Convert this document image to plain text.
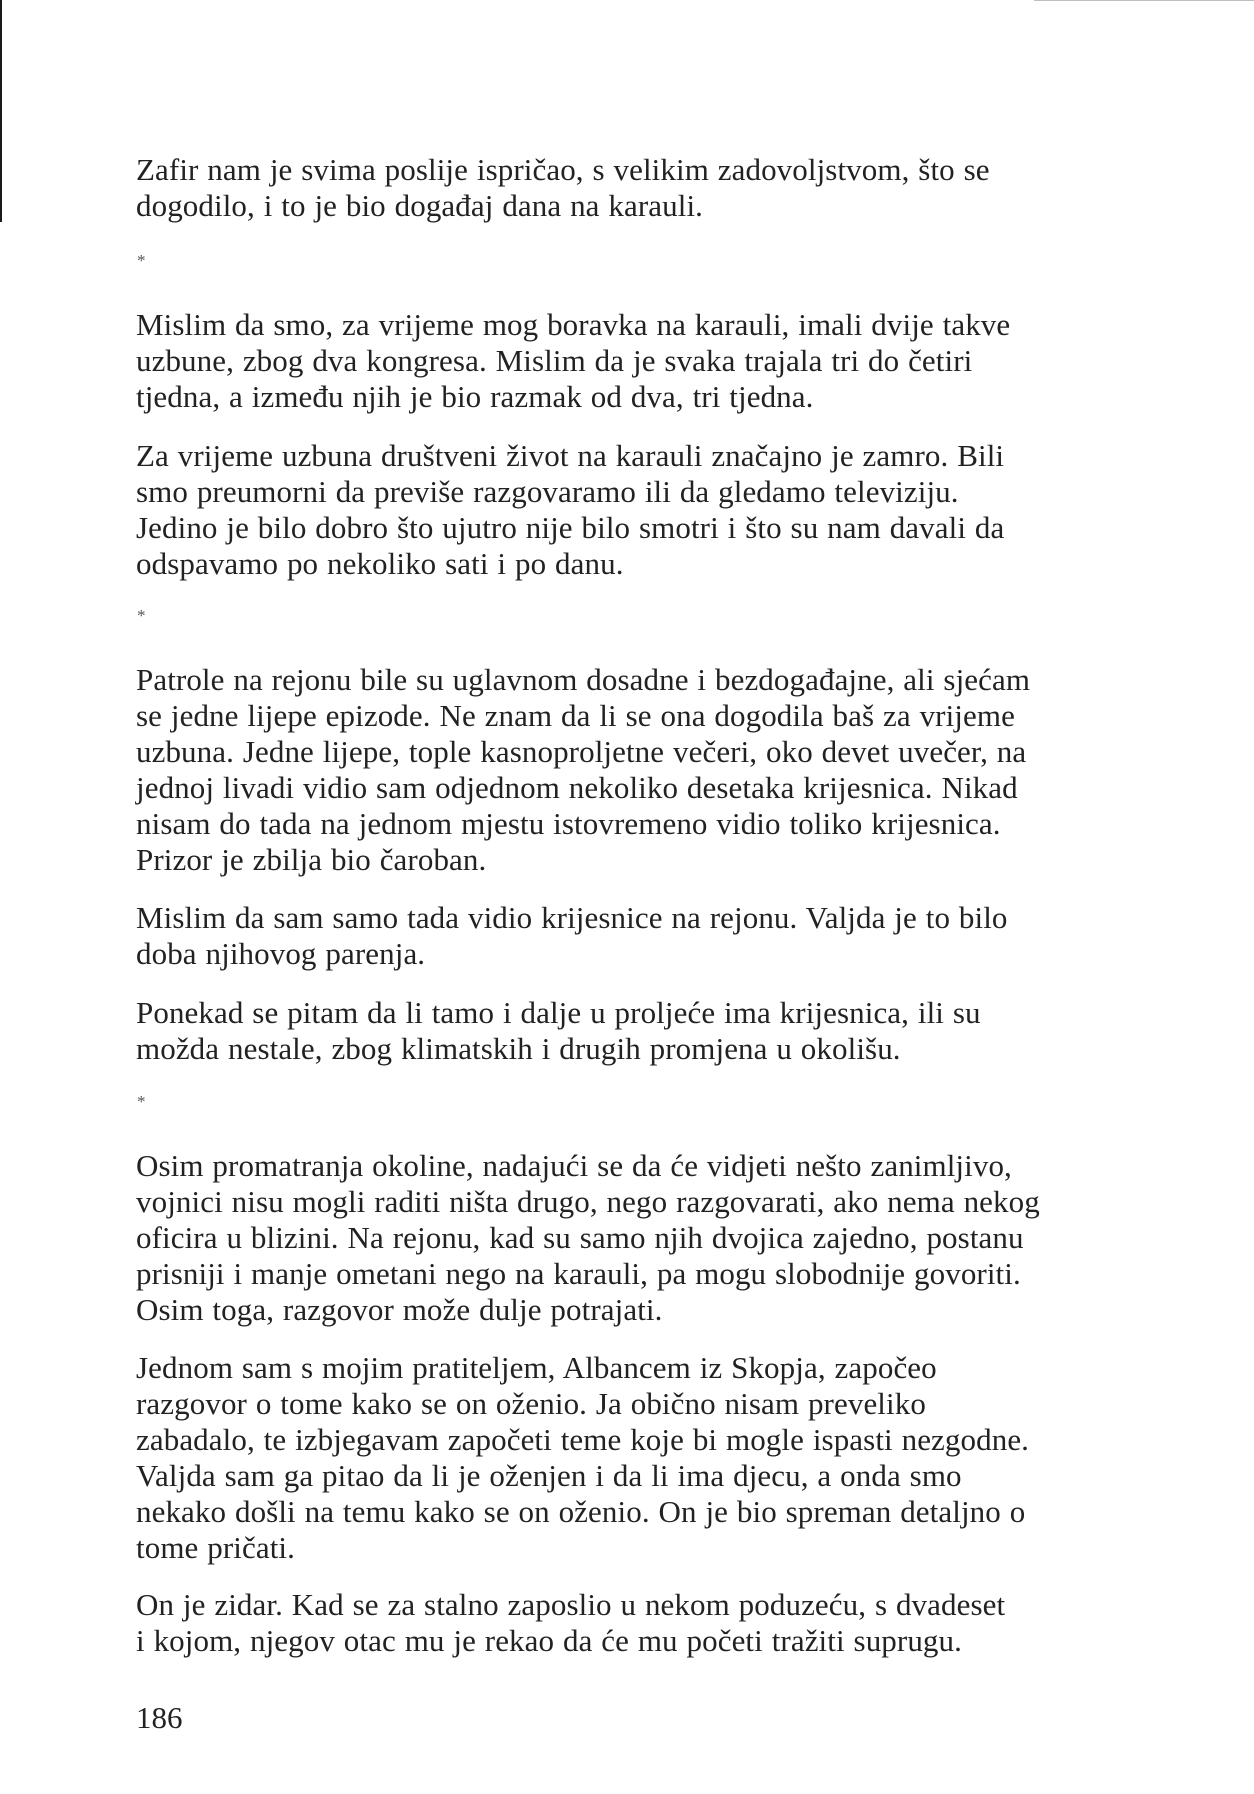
Zafir nam je svima poslije ispričao, s velikim zadovoljstvom, što se
dogodilo, i to je bio događaj dana na karauli.
*
Mislim da smo, za vrijeme mog boravka na karauli, imali dvije takve
uzbune, zbog dva kongresa. Mislim da je svaka trajala tri do četiri
tjedna, a između njih je bio razmak od dva, tri tjedna.
Za vrijeme uzbuna društveni život na karauli značajno je zamro. Bili
smo preumorni da previše razgovaramo ili da gledamo televiziju.
Jedino je bilo dobro što ujutro nije bilo smotri i što su nam davali da
odspavamo po nekoliko sati i po danu.
*
Patrole na rejonu bile su uglavnom dosadne i bezdogađajne, ali sjećam
se jedne lijepe epizode. Ne znam da li se ona dogodila baš za vrijeme
uzbuna. Jedne lijepe, tople kasnoproljetne večeri, oko devet uvečer, na
jednoj livadi vidio sam odjednom nekoliko desetaka krijesnica. Nikad
nisam do tada na jednom mjestu istovremeno vidio toliko krijesnica.
Prizor je zbilja bio čaroban.
Mislim da sam samo tada vidio krijesnice na rejonu. Valjda je to bilo
doba njihovog parenja.
Ponekad se pitam da li tamo i dalje u proljeće ima krijesnica, ili su
možda nestale, zbog klimatskih i drugih promjena u okolišu.
*
Osim promatranja okoline, nadajući se da će vidjeti nešto zanimljivo,
vojnici nisu mogli raditi ništa drugo, nego razgovarati, ako nema nekog
oficira u blizini. Na rejonu, kad su samo njih dvojica zajedno, postanu
prisniji i manje ometani nego na karauli, pa mogu slobodnije govoriti.
Osim toga, razgovor može dulje potrajati.
Jednom sam s mojim pratiteljem, Albancem iz Skopja, započeo
razgovor o tome kako se on oženio. Ja obično nisam preveliko
zabadalo, te izbjegavam započeti teme koje bi mogle ispasti nezgodne.
Valjda sam ga pitao da li je oženjen i da li ima djecu, a onda smo
nekako došli na temu kako se on oženio. On je bio spreman detaljno o
tome pričati.
On je zidar. Kad se za stalno zaposlio u nekom poduzeću, s dvadeset
i kojom, njegov otac mu je rekao da će mu početi tražiti suprugu.
186
